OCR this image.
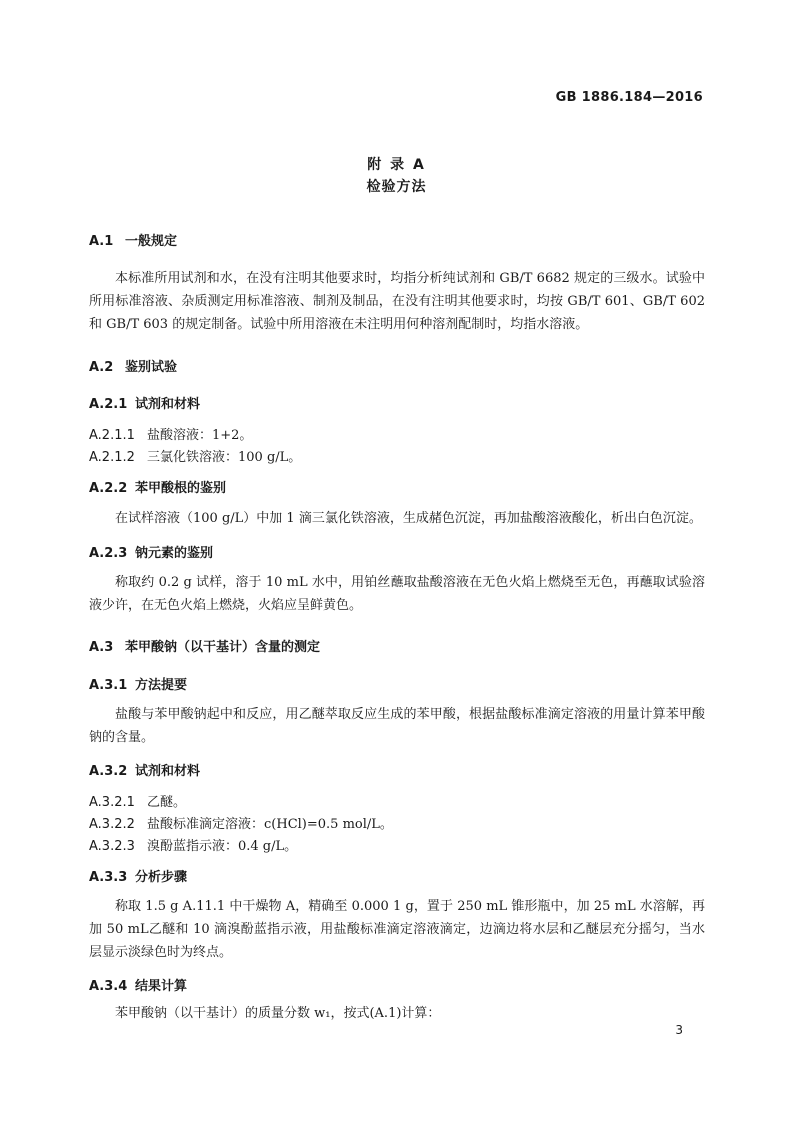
GB 1886.184—2016
附 录 A
检验方法
A.1 一般规定
本标准所用试剂和水，在没有注明其他要求时，均指分析纯试剂和 GB/T 6682 规定的三级水。试验中所用标准溶液、杂质测定用标准溶液、制剂及制品，在没有注明其他要求时，均按 GB/T 601、GB/T 602和 GB/T 603 的规定制备。试验中所用溶液在未注明用何种溶剂配制时，均指水溶液。
A.2 鉴别试验
A.2.1 试剂和材料
A.2.1.1 盐酸溶液：1+2。
A.2.1.2 三氯化铁溶液：100 g/L。
A.2.2 苯甲酸根的鉴别
在试样溶液（100 g/L）中加 1 滴三氯化铁溶液，生成赭色沉淀，再加盐酸溶液酸化，析出白色沉淀。
A.2.3 钠元素的鉴别
称取约 0.2 g 试样，溶于 10 mL 水中，用铂丝蘸取盐酸溶液在无色火焰上燃烧至无色，再蘸取试验溶液少许，在无色火焰上燃烧，火焰应呈鲜黄色。
A.3 苯甲酸钠（以干基计）含量的测定
A.3.1 方法提要
盐酸与苯甲酸钠起中和反应，用乙醚萃取反应生成的苯甲酸，根据盐酸标准滴定溶液的用量计算苯甲酸钠的含量。
A.3.2 试剂和材料
A.3.2.1 乙醚。
A.3.2.2 盐酸标准滴定溶液：c(HCl)=0.5 mol/L。
A.3.2.3 溴酚蓝指示液：0.4 g/L。
A.3.3 分析步骤
称取 1.5 g A.11.1 中干燥物 A，精确至 0.000 1 g，置于 250 mL 锥形瓶中，加 25 mL 水溶解，再加 50 mL乙醚和 10 滴溴酚蓝指示液，用盐酸标准滴定溶液滴定，边滴边将水层和乙醚层充分摇匀，当水层显示淡绿色时为终点。
A.3.4 结果计算
苯甲酸钠（以干基计）的质量分数 w₁，按式(A.1)计算：
3
